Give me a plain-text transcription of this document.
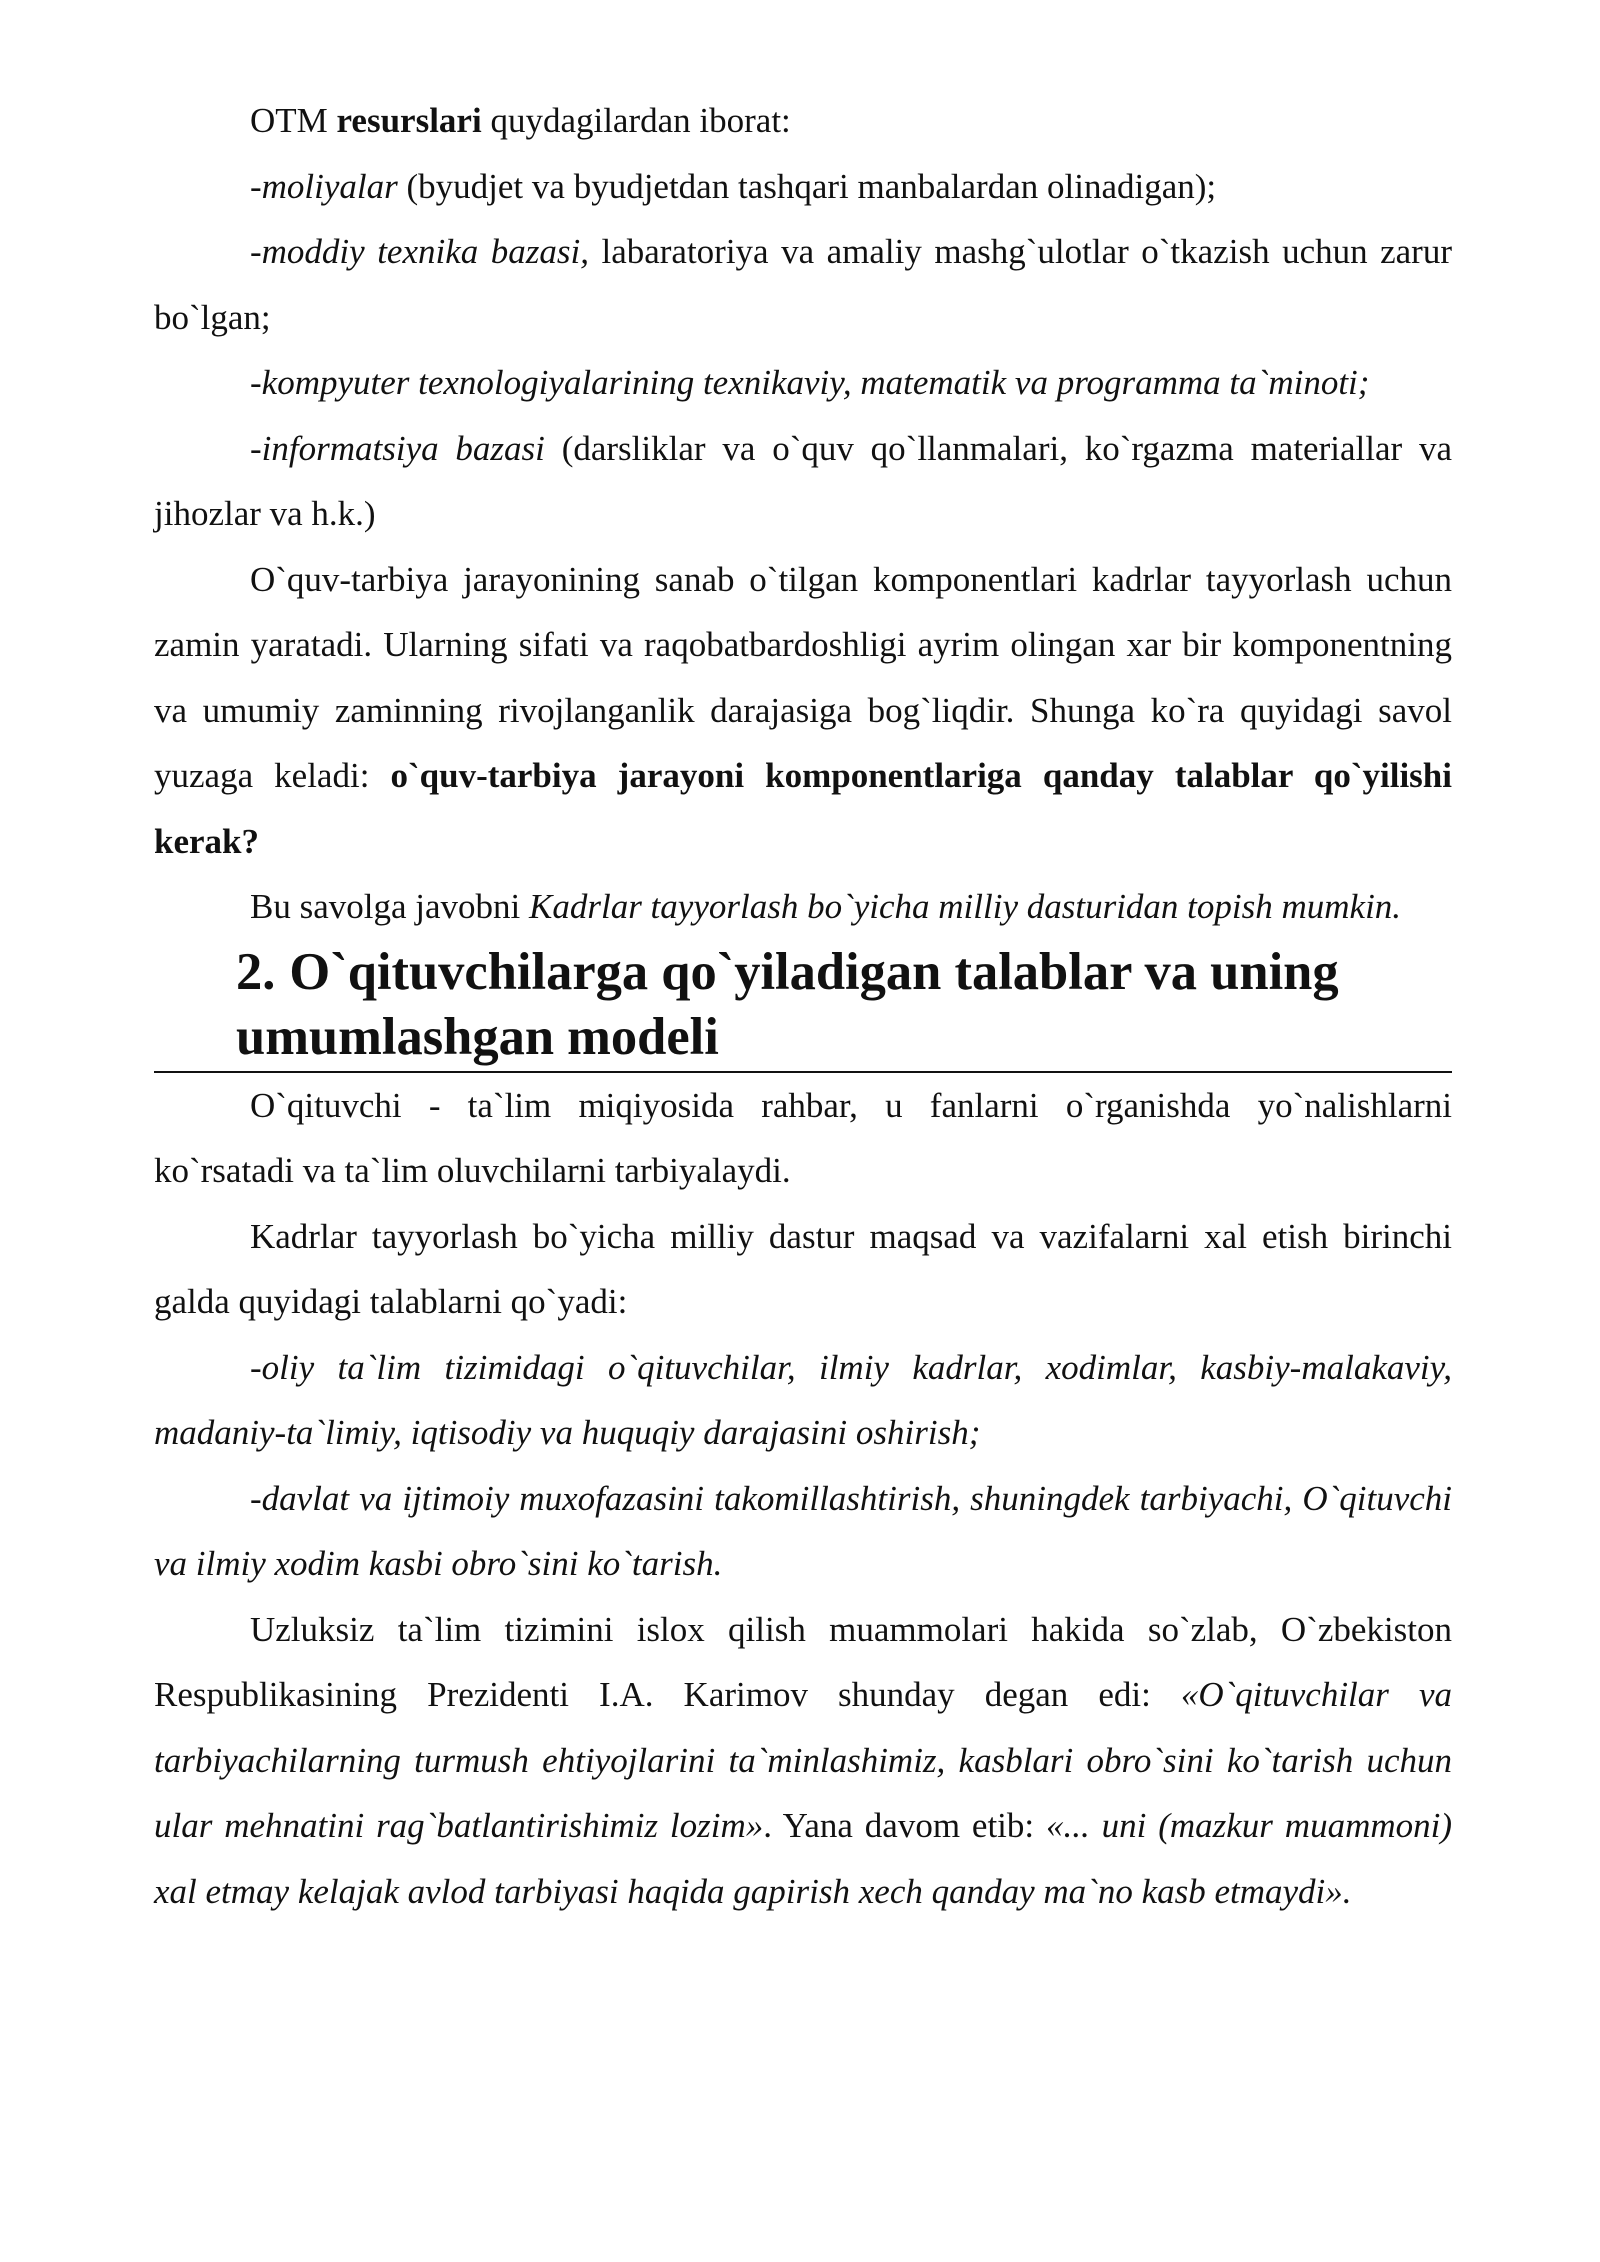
OTM resurslari quydagilardan iborat:

-moliyalar (byudjet va byudjetdan tashqari manbalardan olinadigan);

-moddiy texnika bazasi, labaratoriya va amaliy mashg`ulotlar o`tkazish uchun zarur bo`lgan;

-kompyuter texnologiyalarining texnikaviy, matematik va programma ta`minoti;

-informatsiya bazasi (darsliklar va o`quv qo`llanmalari, ko`rgazma materiallar va jihozlar va h.k.)

O`quv-tarbiya jarayonining sanab o`tilgan komponentlari kadrlar tayyorlash uchun zamin yaratadi. Ularning sifati va raqobatbardoshligi ayrim olingan xar bir komponentning va umumiy zaminning rivojlanganlik darajasiga bog`liqdir. Shunga ko`ra quyidagi savol yuzaga keladi: o`quv-tarbiya jarayoni komponentlariga qanday talablar qo`yilishi kerak?

Bu savolga javobni Kadrlar tayyorlash bo`yicha milliy dasturidan topish mumkin.

2. O`qituvchilarga qo`yiladigan talablar va uning umumlashgan modeli

O`qituvchi - ta`lim miqiyosida rahbar, u fanlarni o`rganishda yo`nalishlarni ko`rsatadi va ta`lim oluvchilarni tarbiyalaydi.

Kadrlar tayyorlash bo`yicha milliy dastur maqsad va vazifalarni xal etish birinchi galda quyidagi talablarni qo`yadi:

-oliy ta`lim tizimidagi o`qituvchilar, ilmiy kadrlar, xodimlar, kasbiy-malakaviy, madaniy-ta`limiy, iqtisodiy va huquqiy darajasini oshirish;

-davlat va ijtimoiy muxofazasini takomillashtirish, shuningdek tarbiyachi, O`qituvchi va ilmiy xodim kasbi obro`sini ko`tarish.

Uzluksiz ta`lim tizimini islox qilish muammolari hakida so`zlab, O`zbekiston Respublikasining Prezidenti I.A. Karimov shunday degan edi: «O`qituvchilar va tarbiyachilarning turmush ehtiyojlarini ta`minlashimiz, kasblari obro`sini ko`tarish uchun ular mehnatini rag`batlantirishimiz lozim». Yana davom etib: «... uni (mazkur muammoni) xal etmay kelajak avlod tarbiyasi haqida gapirish xech qanday ma`no kasb etmaydi».
